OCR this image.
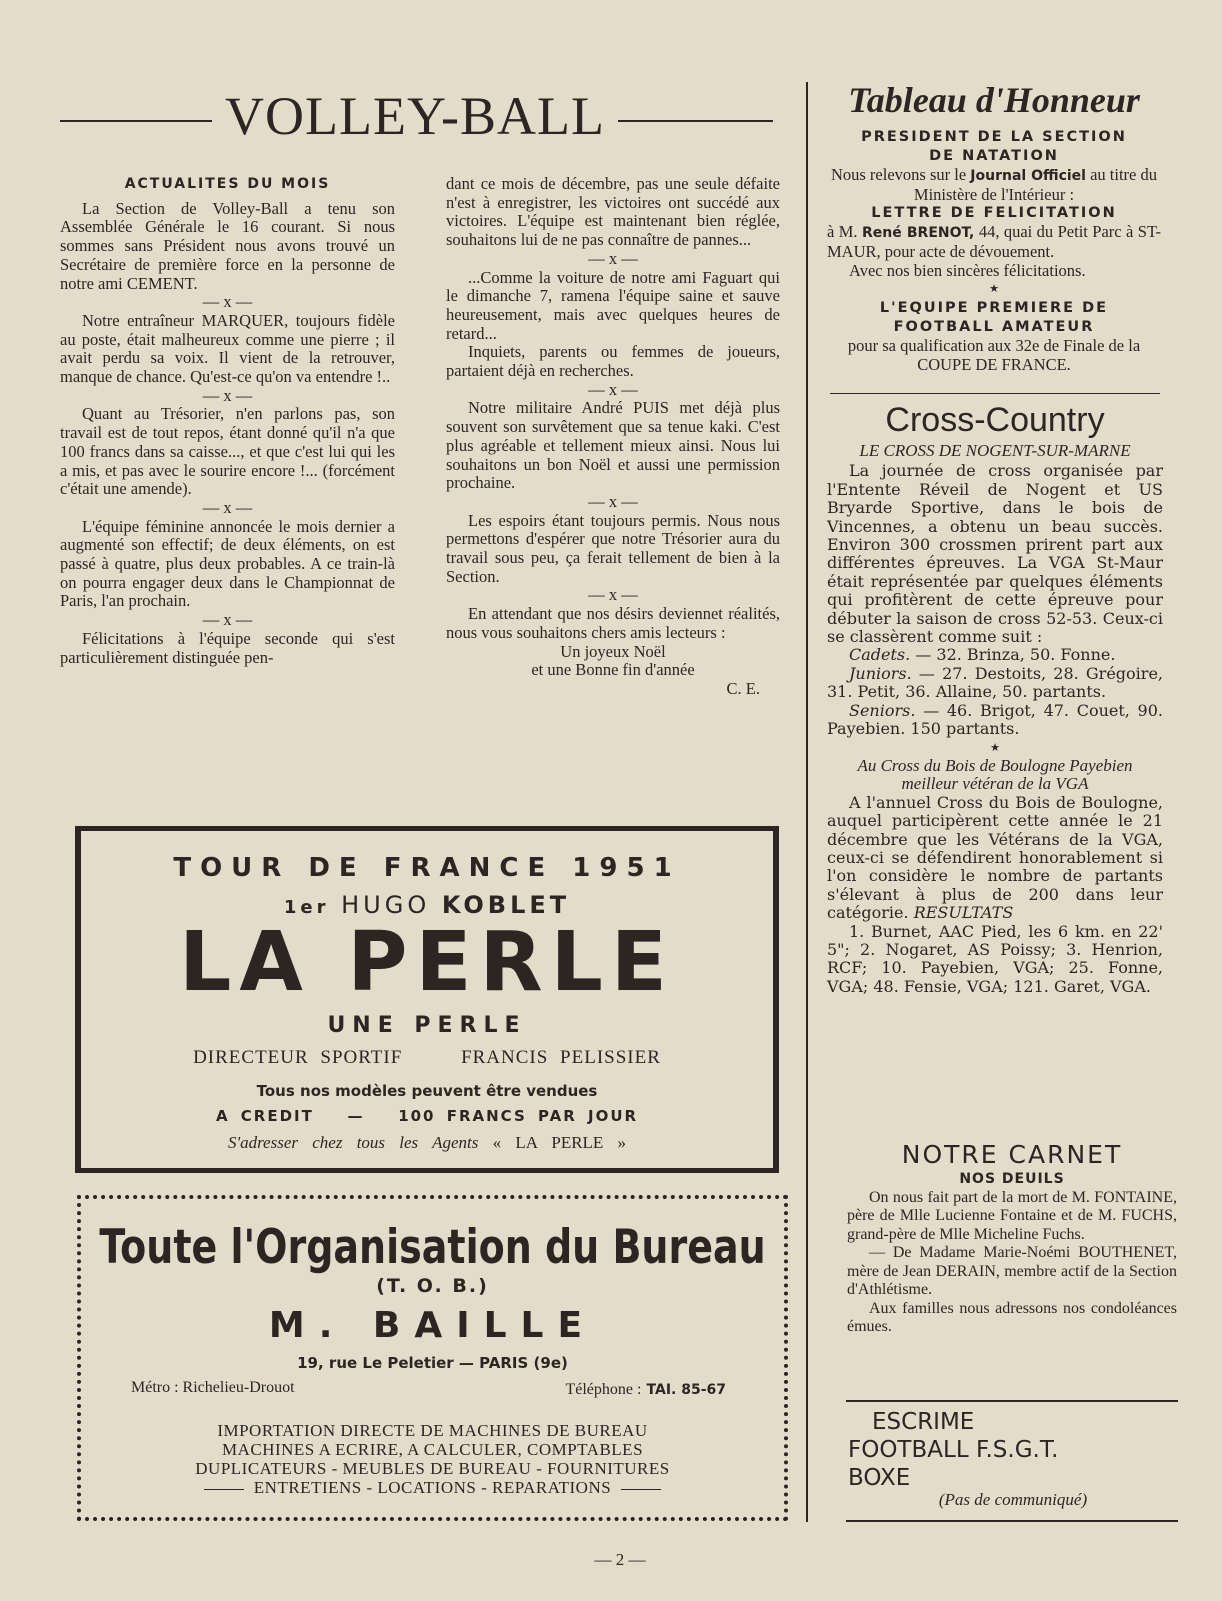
VOLLEY-BALL
ACTUALITES DU MOIS

La Section de Volley-Ball a tenu son Assemblée Générale le 16 courant. Si nous sommes sans Président nous avons trouvé un Secrétaire de première force en la personne de notre ami CEMENT.

— x —

Notre entraîneur MARQUER, toujours fidèle au poste, était malheureux comme une pierre ; il avait perdu sa voix. Il vient de la retrouver, manque de chance. Qu'est-ce qu'on va entendre !..

— x —

Quant au Trésorier, n'en parlons pas, son travail est de tout repos, étant donné qu'il n'a que 100 francs dans sa caisse..., et que c'est lui qui les a mis, et pas avec le sourire encore !... (forcément c'était une amende).

— x —

L'équipe féminine annoncée le mois dernier a augmenté son effectif; de deux éléments, on est passé à quatre, plus deux probables. A ce train-là on pourra engager deux dans le Championnat de Paris, l'an prochain.

— x —

Félicitations à l'équipe seconde qui s'est particulièrement distinguée pen-

dant ce mois de décembre, pas une seule défaite n'est à enregistrer, les victoires ont succédé aux victoires. L'équipe est maintenant bien réglée, souhaitons lui de ne pas connaître de pannes...

— x —

...Comme la voiture de notre ami Faguart qui le dimanche 7, ramena l'équipe saine et sauve heureusement, mais avec quelques heures de retard...

Inquiets, parents ou femmes de joueurs, partaient déjà en recherches.

— x —

Notre militaire André PUIS met déjà plus souvent son survêtement que sa tenue kaki. C'est plus agréable et tellement mieux ainsi. Nous lui souhaitons un bon Noël et aussi une permission prochaine.

— x —

Les espoirs étant toujours permis. Nous nous permettons d'espérer que notre Trésorier aura du travail sous peu, ça ferait tellement de bien à la Section.

— x —

En attendant que nos désirs deviennet réalités, nous vous souhaitons chers amis lecteurs :

Un joyeux Noël

et une Bonne fin d'année

C. E.

TOUR DE FRANCE 1951
1er HUGO KOBLET
LA PERLE
UNE PERLE
DIRECTEUR SPORTIF	FRANCIS PELISSIER
Tous nos modèles peuvent être vendues
A CREDIT — 100 FRANCS PAR JOUR
S'adresser chez tous les Agents « LA PERLE »
Toute l'Organisation du Bureau
(T. O. B.)
M. BAILLE
19, rue Le Peletier — PARIS (9e)
Métro : Richelieu-Drouot	Téléphone : TAI. 85-67
IMPORTATION DIRECTE DE MACHINES DE BUREAU
MACHINES A ECRIRE, A CALCULER, COMPTABLES
DUPLICATEURS - MEUBLES DE BUREAU - FOURNITURES
ENTRETIENS - LOCATIONS - REPARATIONS
Tableau d'Honneur
PRESIDENT DE LA SECTION DE NATATION

Nous relevons sur le Journal Officiel au titre du Ministère de l'Intérieur :

LETTRE DE FELICITATION

à M. René BRENOT, 44, quai du Petit Parc à ST-MAUR, pour acte de dévouement.

Avec nos bien sincères félicitations.

★

L'EQUIPE PREMIERE DE FOOTBALL AMATEUR

pour sa qualification aux 32e de Finale de la COUPE DE FRANCE.

Cross-Country
LE CROSS DE NOGENT-SUR-MARNE

La journée de cross organisée par l'Entente Réveil de Nogent et US Bryarde Sportive, dans le bois de Vincennes, a obtenu un beau succès. Environ 300 crossmen prirent part aux différentes épreuves. La VGA St-Maur était représentée par quelques éléments qui profitèrent de cette épreuve pour débuter la saison de cross 52-53. Ceux-ci se classèrent comme suit :

Cadets. — 32. Brinza, 50. Fonne.

Juniors. — 27. Destoits, 28. Grégoire, 31. Petit, 36. Allaine, 50. partants.

Seniors. — 46. Brigot, 47. Couet, 90. Payebien. 150 partants.

★

Au Cross du Bois de Boulogne Payebien meilleur vétéran de la VGA

A l'annuel Cross du Bois de Boulogne, auquel participèrent cette année le 21 décembre que les Vétérans de la VGA, ceux-ci se défendirent honorablement si l'on considère le nombre de partants s'élevant à plus de 200 dans leur catégorie. RESULTATS

1. Burnet, AAC Pied, les 6 km. en 22' 5"; 2. Nogaret, AS Poissy; 3. Henrion, RCF; 10. Payebien, VGA; 25. Fonne, VGA; 48. Fensie, VGA; 121. Garet, VGA.

NOTRE CARNET
NOS DEUILS

On nous fait part de la mort de M. FONTAINE, père de Mlle Lucienne Fontaine et de M. FUCHS, grand-père de Mlle Micheline Fuchs.

— De Madame Marie-Noémi BOUTHENET, mère de Jean DERAIN, membre actif de la Section d'Athlétisme.

Aux familles nous adressons nos condoléances émues.

ESCRIME
FOOTBALL F.S.G.T.
BOXE
(Pas de communiqué)
— 2 —
